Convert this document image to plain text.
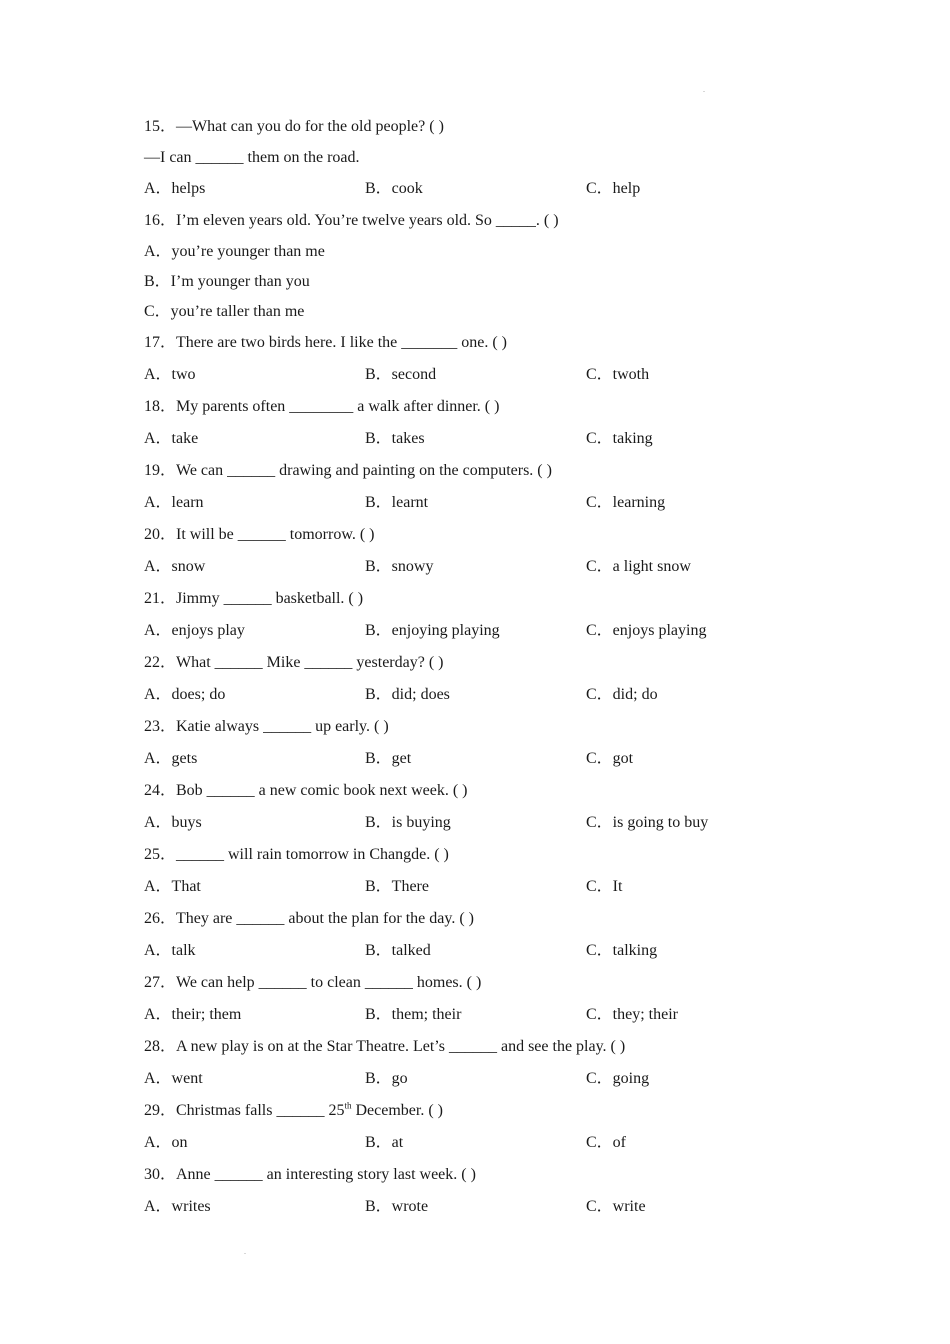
.
.
15．—What can you do for the old people? ( )
—I can ______ them on the road.
A．helps	B．cook	C．help
16．I’m eleven years old. You’re twelve years old. So _____. ( )
A．you’re younger than me
B．I’m younger than you
C．you’re taller than me
17．There are two birds here. I like the _______ one. ( )
A．two	B．second	C．twoth
18．My parents often ________ a walk after dinner. ( )
A．take	B．takes	C．taking
19．We can ______ drawing and painting on the computers. ( )
A．learn	B．learnt	C．learning
20．It will be ______ tomorrow. ( )
A．snow	B．snowy	C．a light snow
21．Jimmy ______ basketball. ( )
A．enjoys play	B．enjoying playing	C．enjoys playing
22．What ______ Mike ______ yesterday? ( )
A．does; do	B．did; does	C．did; do
23．Katie always ______ up early. ( )
A．gets	B．get	C．got
24．Bob ______ a new comic book next week. ( )
A．buys	B．is buying	C．is going to buy
25．______ will rain tomorrow in Changde. ( )
A．That	B．There	C．It
26．They are ______ about the plan for the day. ( )
A．talk	B．talked	C．talking
27．We can help ______ to clean ______ homes. ( )
A．their; them	B．them; their	C．they; their
28．A new play is on at the Star Theatre. Let’s ______ and see the play. ( )
A．went	B．go	C．going
29．Christmas falls ______ 25th December. ( )
A．on	B．at	C．of
30．Anne ______ an interesting story last week. ( )
A．writes	B．wrote	C．write
